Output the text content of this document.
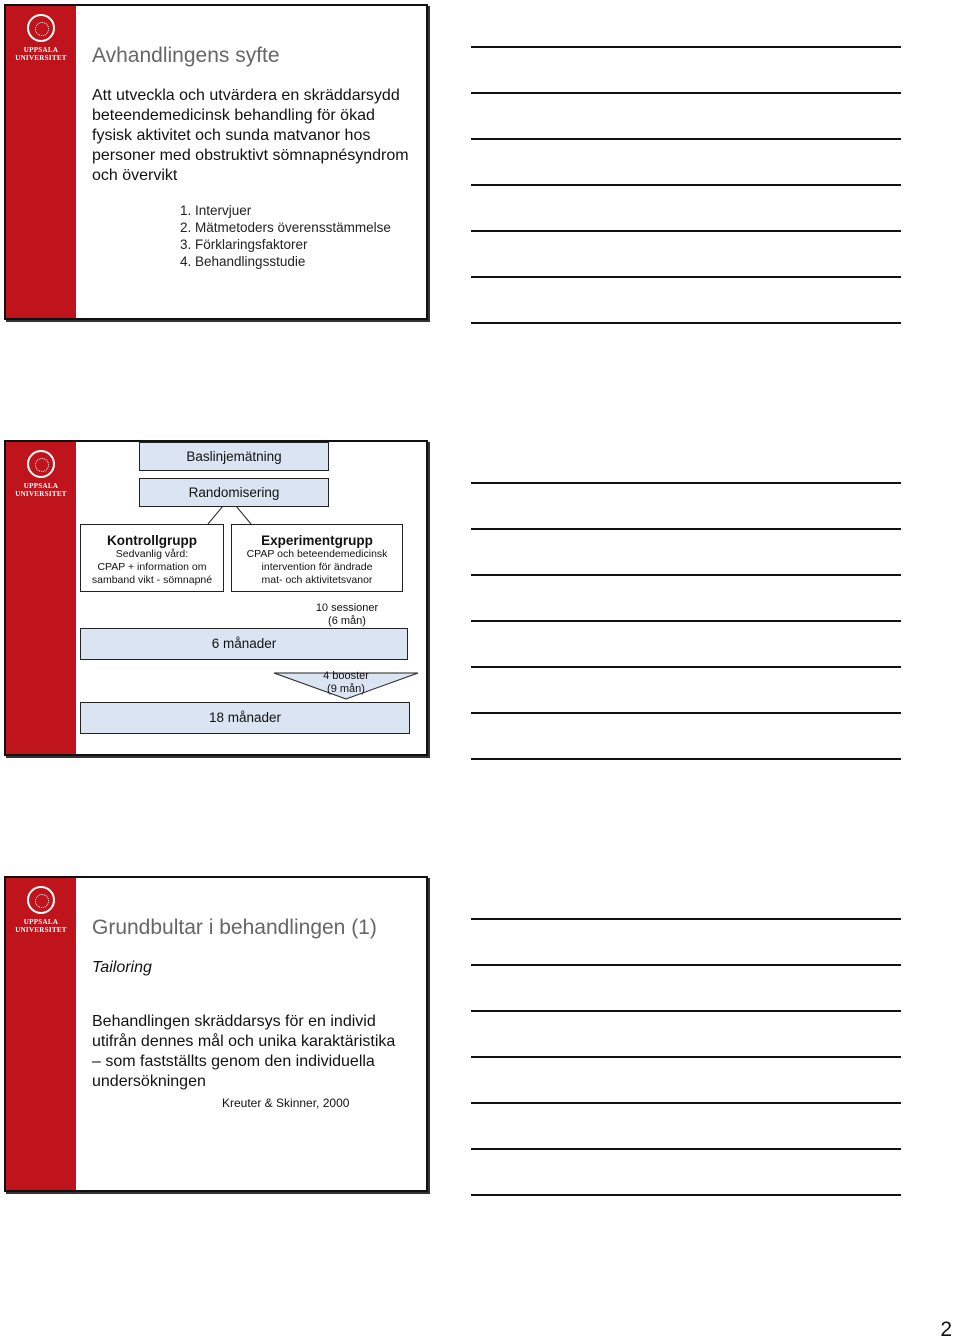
UPPSALA
UNIVERSITET Avhandlingens syfte

Att utveckla och utvärdera en skräddarsydd beteendemedicinsk behandling för ökad fysisk aktivitet och sunda matvanor hos personer med obstruktivt sömnapnésyndrom och övervikt

1. Intervjuer
2. Mätmetoders överensstämmelse
3. Förklaringsfaktorer
4. Behandlingsstudie
UPPSALA
UNIVERSITET
Baslinjemätning
Randomisering
Kontrollgrupp
Sedvanlig vård:
CPAP + information om
samband vikt - sömnapné
Experimentgrupp
CPAP och beteendemedicinsk
intervention för ändrade
mat- och aktivitetsvanor
10 sessioner
(6 mån)
6 månader
4 booster
(9 mån)
18 månader
UPPSALA
UNIVERSITET Grundbultar i behandlingen (1)

Tailoring

Behandlingen skräddarsys för en individ utifrån dennes mål och unika karaktäristika – som fastställts genom den individuella undersökningen

Kreuter & Skinner, 2000
2
